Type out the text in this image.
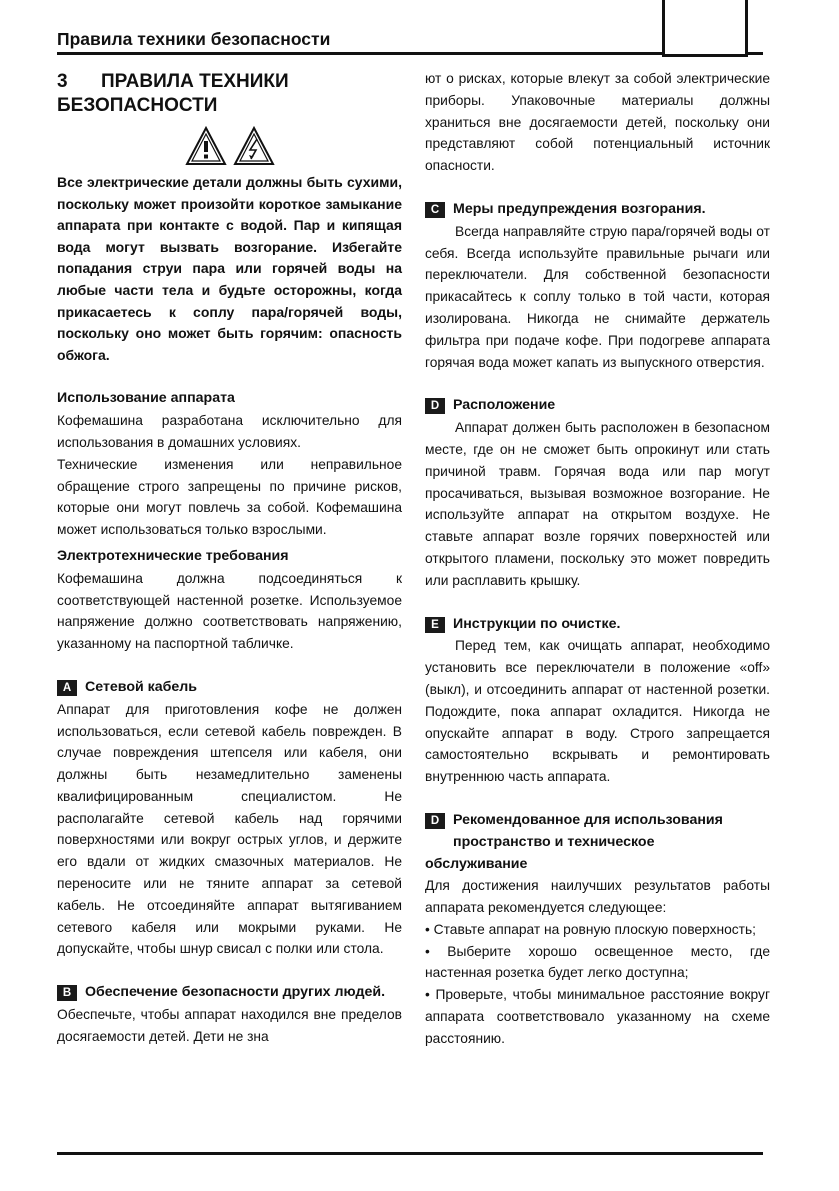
Правила техники безопасности
3 ПРАВИЛА ТЕХНИКИ БЕЗОПАСНОСТИ

Все электрические детали должны быть сухими, поскольку может произойти короткое замыкание аппарата при контакте с водой. Пар и кипящая вода могут вызвать возгорание. Избегайте попадания струи пара или горячей воды на любые части тела и будьте осторожны, когда прикасаетесь к соплу пара/горячей воды, поскольку оно может быть горячим: опасность обжога.

Использование аппарата

Кофемашина разработана исключительно для использования в домашних условиях.

Технические изменения или неправильное обращение строго запрещены по причине рисков, которые они могут повлечь за собой. Кофемашина может использоваться только взрослыми.

Электротехнические требования

Кофемашина должна подсоединяться к соответствующей настенной розетке. Используемое напряжение должно соответствовать напряжению, указанному на паспортной табличке.

A Сетевой кабель

Аппарат для приготовления кофе не должен использоваться, если сетевой кабель поврежден. В случае повреждения штепселя или кабеля, они должны быть незамедлительно заменены квалифицированным специалистом. Не располагайте сетевой кабель над горячими поверхностями или вокруг острых углов, и держите его вдали от жидких смазочных материалов. Не переносите или не тяните аппарат за сетевой кабель. Не отсоединяйте аппарат вытягиванием сетевого кабеля или мокрыми руками. Не допускайте, чтобы шнур свисал с полки или стола.

B Обеспечение безопасности других людей.

Обеспечьте, чтобы аппарат находился вне пределов досягаемости детей. Дети не зна

ют о рисках, которые влекут за собой электрические приборы. Упаковочные материалы должны храниться вне досягаемости детей, поскольку они представляют собой потенциальный источник опасности.

C Меры предупреждения возгорания.

Всегда направляйте струю пара/горячей воды от себя. Всегда используйте правильные рычаги или переключатели. Для собственной безопасности прикасайтесь к соплу только в той части, которая изолирована. Никогда не снимайте держатель фильтра при подаче кофе. При подогреве аппарата горячая вода может капать из выпускного отверстия.

D Расположение

Аппарат должен быть расположен в безопасном месте, где он не сможет быть опрокинут или стать причиной травм. Горячая вода или пар могут просачиваться, вызывая возможное возгорание. Не используйте аппарат на открытом воздухе. Не ставьте аппарат возле горячих поверхностей или открытого пламени, поскольку это может повредить или расплавить крышку.

E Инструкции по очистке.

Перед тем, как очищать аппарат, необходимо установить все переключатели в положение «off» (выкл), и отсоединить аппарат от настенной розетки. Подождите, пока аппарат охладится. Никогда не опускайте аппарат в воду. Строго запрещается самостоятельно вскрывать и ремонтировать внутреннюю часть аппарата.

D Рекомендованное для использования пространство и техническое

обслуживание

Для достижения наилучших результатов работы аппарата рекомендуется следующее:

• Ставьте аппарат на ровную плоскую поверхность;

• Выберите хорошо освещенное место, где настенная розетка будет легко доступна;

• Проверьте, чтобы минимальное расстояние вокруг аппарата соответствовало указанному на схеме расстоянию.
